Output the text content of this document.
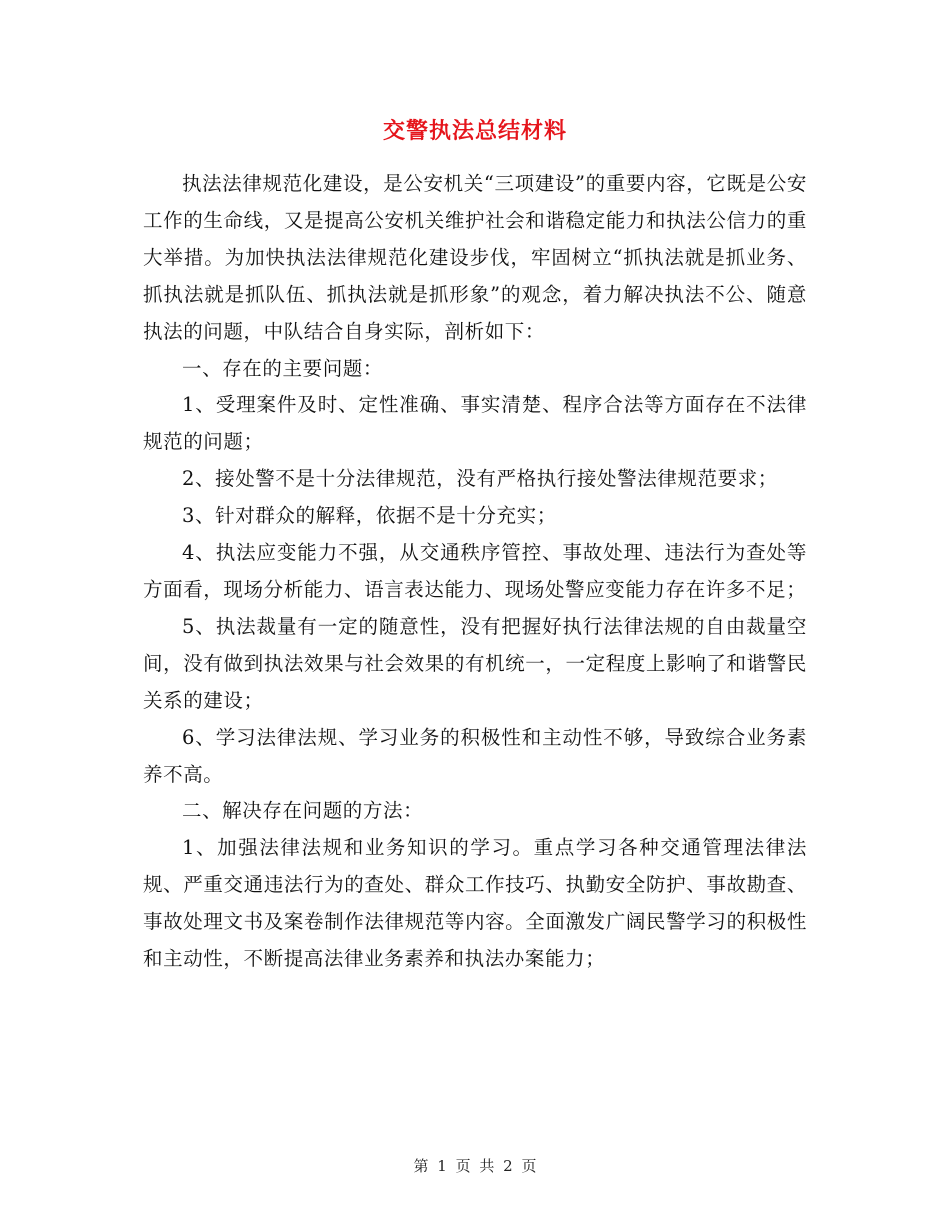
交警执法总结材料

执法法律规范化建设，是公安机关“三项建设”的重要内容，它既是公安工作的生命线，又是提高公安机关维护社会和谐稳定能力和执法公信力的重大举措。为加快执法法律规范化建设步伐，牢固树立“抓执法就是抓业务、抓执法就是抓队伍、抓执法就是抓形象”的观念，着力解决执法不公、随意执法的问题，中队结合自身实际，剖析如下：

一、存在的主要问题：

1、受理案件及时、定性准确、事实清楚、程序合法等方面存在不法律规范的问题；

2、接处警不是十分法律规范，没有严格执行接处警法律规范要求；

3、针对群众的解释，依据不是十分充实；

4、执法应变能力不强，从交通秩序管控、事故处理、违法行为查处等方面看，现场分析能力、语言表达能力、现场处警应变能力存在许多不足；

5、执法裁量有一定的随意性，没有把握好执行法律法规的自由裁量空间，没有做到执法效果与社会效果的有机统一，一定程度上影响了和谐警民关系的建设；

6、学习法律法规、学习业务的积极性和主动性不够，导致综合业务素养不高。

二、解决存在问题的方法：

1、加强法律法规和业务知识的学习。重点学习各种交通管理法律法规、严重交通违法行为的查处、群众工作技巧、执勤安全防护、事故勘查、事故处理文书及案卷制作法律规范等内容。全面激发广阔民警学习的积极性和主动性，不断提高法律业务素养和执法办案能力；

第 1 页 共 2 页
